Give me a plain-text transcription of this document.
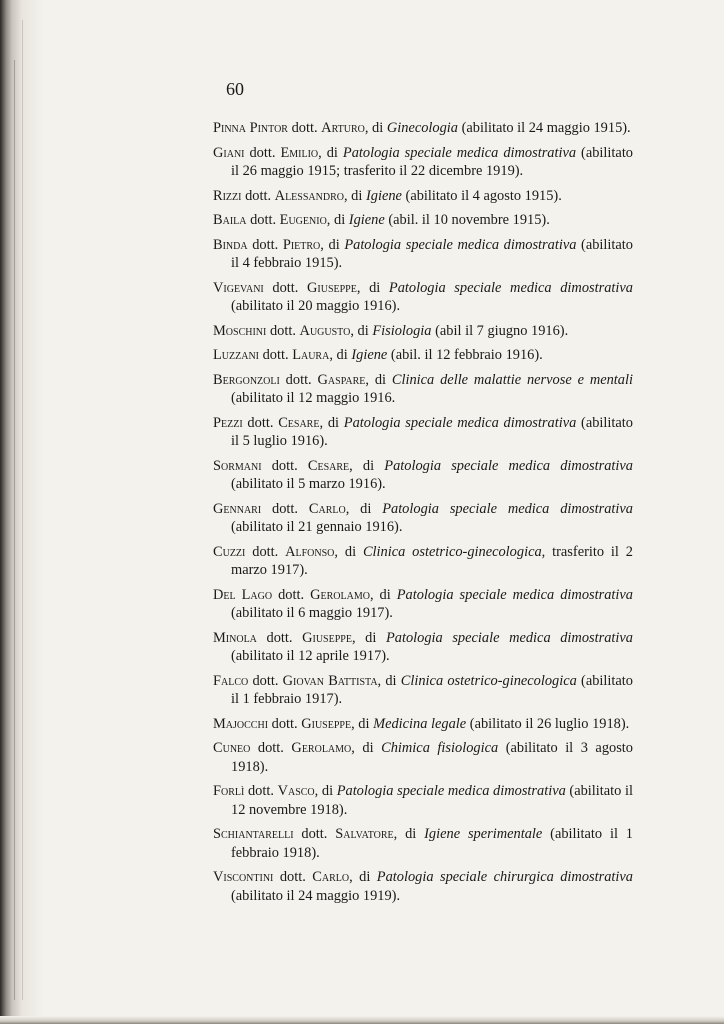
60
Pinna Pintor dott. Arturo, di Ginecologia (abilitato il 24 maggio 1915).
Giani dott. Emilio, di Patologia speciale medica dimostrativa (abilitato il 26 maggio 1915; trasferito il 22 dicembre 1919).
Rizzi dott. Alessandro, di Igiene (abilitato il 4 agosto 1915).
Baila dott. Eugenio, di Igiene (abil. il 10 novembre 1915).
Binda dott. Pietro, di Patologia speciale medica dimostrativa (abilitato il 4 febbraio 1915).
Vigevani dott. Giuseppe, di Patologia speciale medica dimostrativa (abilitato il 20 maggio 1916).
Moschini dott. Augusto, di Fisiologia (abil il 7 giugno 1916).
Luzzani dott. Laura, di Igiene (abil. il 12 febbraio 1916).
Bergonzoli dott. Gaspare, di Clinica delle malattie nervose e mentali (abilitato il 12 maggio 1916.
Pezzi dott. Cesare, di Patologia speciale medica dimostrativa (abilitato il 5 luglio 1916).
Sormani dott. Cesare, di Patologia speciale medica dimostrativa (abilitato il 5 marzo 1916).
Gennari dott. Carlo, di Patologia speciale medica dimostrativa (abilitato il 21 gennaio 1916).
Cuzzi dott. Alfonso, di Clinica ostetrico-ginecologica, trasferito il 2 marzo 1917).
Del Lago dott. Gerolamo, di Patologia speciale medica dimostrativa (abilitato il 6 maggio 1917).
Minola dott. Giuseppe, di Patologia speciale medica dimostrativa (abilitato il 12 aprile 1917).
Falco dott. Giovan Battista, di Clinica ostetrico-ginecologica (abilitato il 1 febbraio 1917).
Majocchi dott. Giuseppe, di Medicina legale (abilitato il 26 luglio 1918).
Cuneo dott. Gerolamo, di Chimica fisiologica (abilitato il 3 agosto 1918).
Forlì dott. Vasco, di Patologia speciale medica dimostrativa (abilitato il 12 novembre 1918).
Schiantarelli dott. Salvatore, di Igiene sperimentale (abilitato il 1 febbraio 1918).
Viscontini dott. Carlo, di Patologia speciale chirurgica dimostrativa (abilitato il 24 maggio 1919).
